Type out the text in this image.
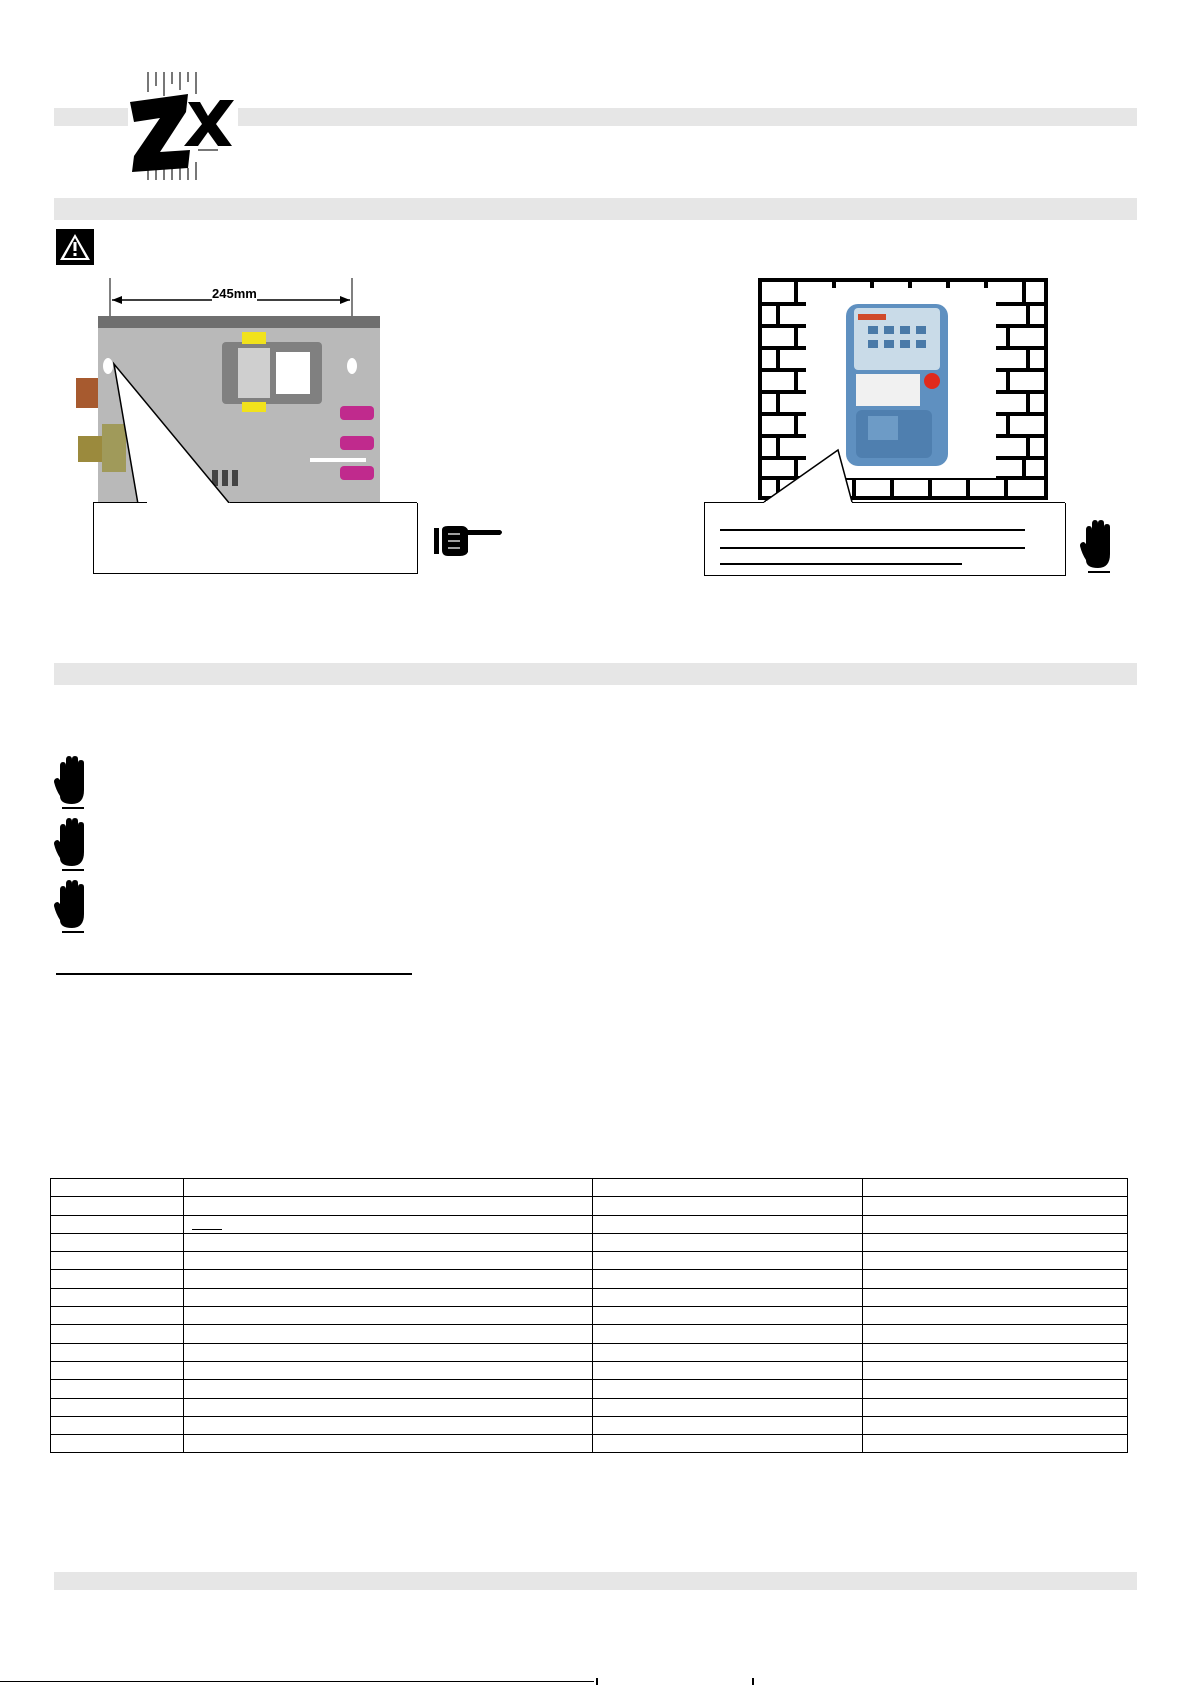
245mm
